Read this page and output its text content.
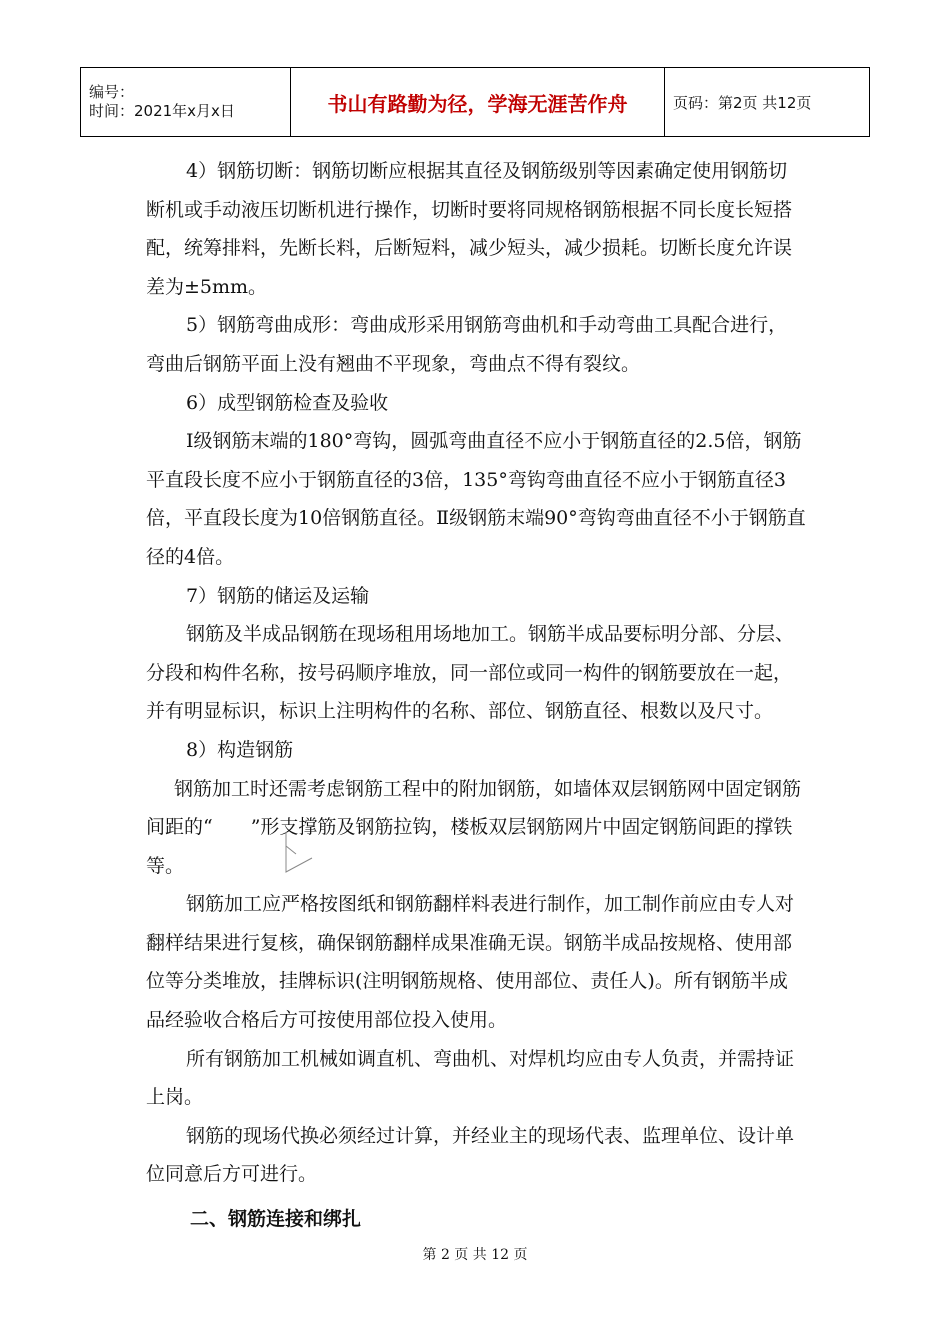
编号：
时间：2021年x月x日	书山有路勤为径，学海无涯苦作舟	页码：第2页 共12页

4）钢筋切断：钢筋切断应根据其直径及钢筋级别等因素确定使用钢筋切断机或手动液压切断机进行操作，切断时要将同规格钢筋根据不同长度长短搭配，统筹排料，先断长料，后断短料，减少短头，减少损耗。切断长度允许误差为±5mm。

5）钢筋弯曲成形：弯曲成形采用钢筋弯曲机和手动弯曲工具配合进行，弯曲后钢筋平面上没有翘曲不平现象，弯曲点不得有裂纹。

6）成型钢筋检查及验收

Ⅰ级钢筋末端的180°弯钩，圆弧弯曲直径不应小于钢筋直径的2.5倍，钢筋平直段长度不应小于钢筋直径的3倍，135°弯钩弯曲直径不应小于钢筋直径3倍，平直段长度为10倍钢筋直径。Ⅱ级钢筋末端90°弯钩弯曲直径不小于钢筋直径的4倍。

7）钢筋的储运及运输

钢筋及半成品钢筋在现场租用场地加工。钢筋半成品要标明分部、分层、分段和构件名称，按号码顺序堆放，同一部位或同一构件的钢筋要放在一起，并有明显标识，标识上注明构件的名称、部位、钢筋直径、根数以及尺寸。

8）构造钢筋

钢筋加工时还需考虑钢筋工程中的附加钢筋，如墙体双层钢筋网中固定钢筋间距的“　　”形支撑筋及钢筋拉钩，楼板双层钢筋网片中固定钢筋间距的撑铁等。

钢筋加工应严格按图纸和钢筋翻样料表进行制作，加工制作前应由专人对翻样结果进行复核，确保钢筋翻样成果准确无误。钢筋半成品按规格、使用部位等分类堆放，挂牌标识(注明钢筋规格、使用部位、责任人)。所有钢筋半成品经验收合格后方可按使用部位投入使用。

所有钢筋加工机械如调直机、弯曲机、对焊机均应由专人负责，并需持证上岗。

钢筋的现场代换必须经过计算，并经业主的现场代表、监理单位、设计单位同意后方可进行。

二、钢筋连接和绑扎

第 2 页 共 12 页
